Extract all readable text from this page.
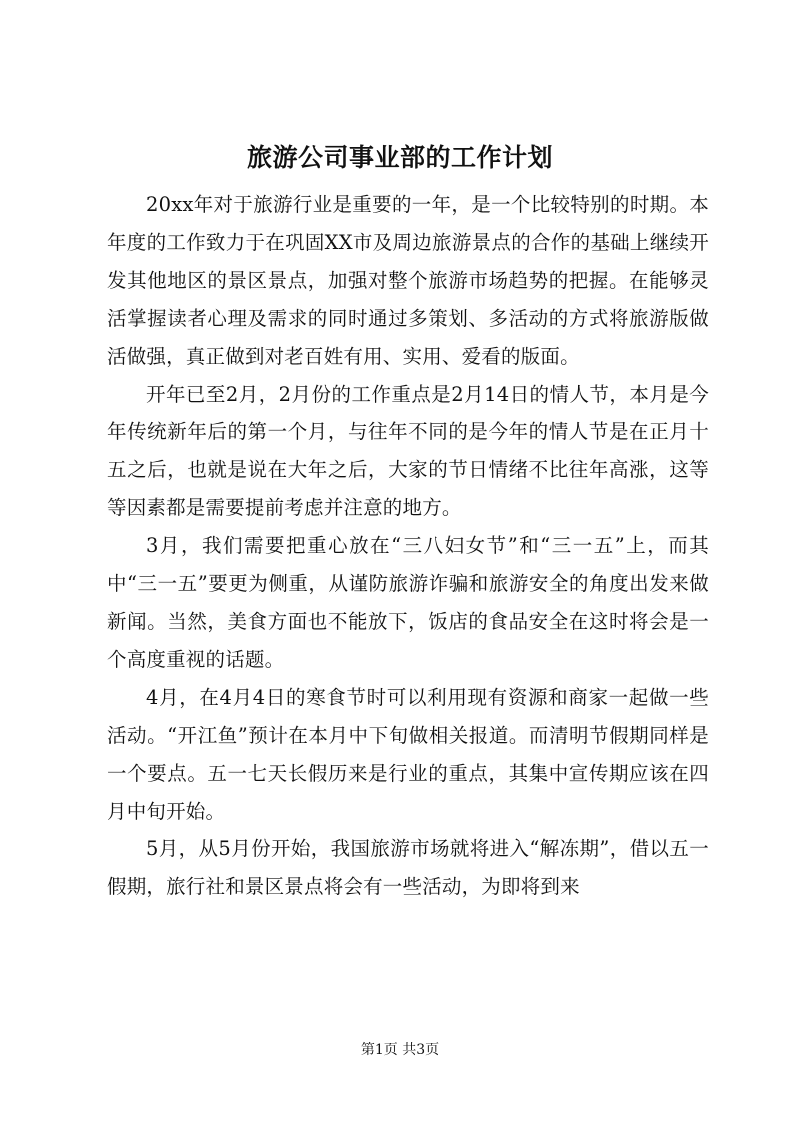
旅游公司事业部的工作计划

20xx年对于旅游行业是重要的一年，是一个比较特别的时期。本年度的工作致力于在巩固XX市及周边旅游景点的合作的基础上继续开发其他地区的景区景点，加强对整个旅游市场趋势的把握。在能够灵活掌握读者心理及需求的同时通过多策划、多活动的方式将旅游版做活做强，真正做到对老百姓有用、实用、爱看的版面。

开年已至2月，2月份的工作重点是2月14日的情人节，本月是今年传统新年后的第一个月，与往年不同的是今年的情人节是在正月十五之后，也就是说在大年之后，大家的节日情绪不比往年高涨，这等等因素都是需要提前考虑并注意的地方。

3月，我们需要把重心放在“三八妇女节”和“三一五”上，而其中“三一五”要更为侧重，从谨防旅游诈骗和旅游安全的角度出发来做新闻。当然，美食方面也不能放下，饭店的食品安全在这时将会是一个高度重视的话题。

4月，在4月4日的寒食节时可以利用现有资源和商家一起做一些活动。“开江鱼”预计在本月中下旬做相关报道。而清明节假期同样是一个要点。五一七天长假历来是行业的重点，其集中宣传期应该在四月中旬开始。

5月，从5月份开始，我国旅游市场就将进入“解冻期”，借以五一假期，旅行社和景区景点将会有一些活动，为即将到来

第1页 共3页
